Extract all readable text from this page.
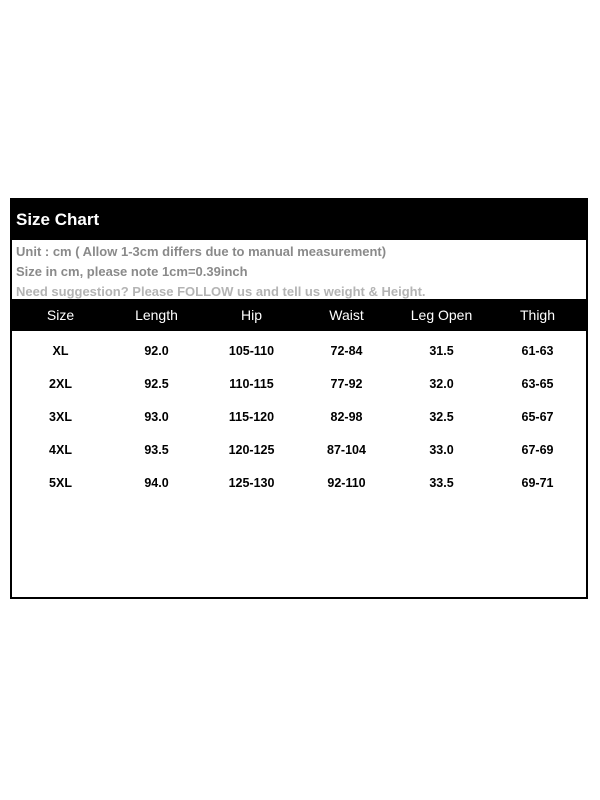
Size Chart
Unit : cm ( Allow 1-3cm differs due to manual measurement)
Size in cm, please note 1cm=0.39inch
Need suggestion? Please FOLLOW us and tell us weight & Height.
Size	Length	Hip	Waist	Leg Open	Thigh
XL	92.0	105-110	72-84	31.5	61-63
2XL	92.5	110-115	77-92	32.0	63-65
3XL	93.0	115-120	82-98	32.5	65-67
4XL	93.5	120-125	87-104	33.0	67-69
5XL	94.0	125-130	92-110	33.5	69-71
